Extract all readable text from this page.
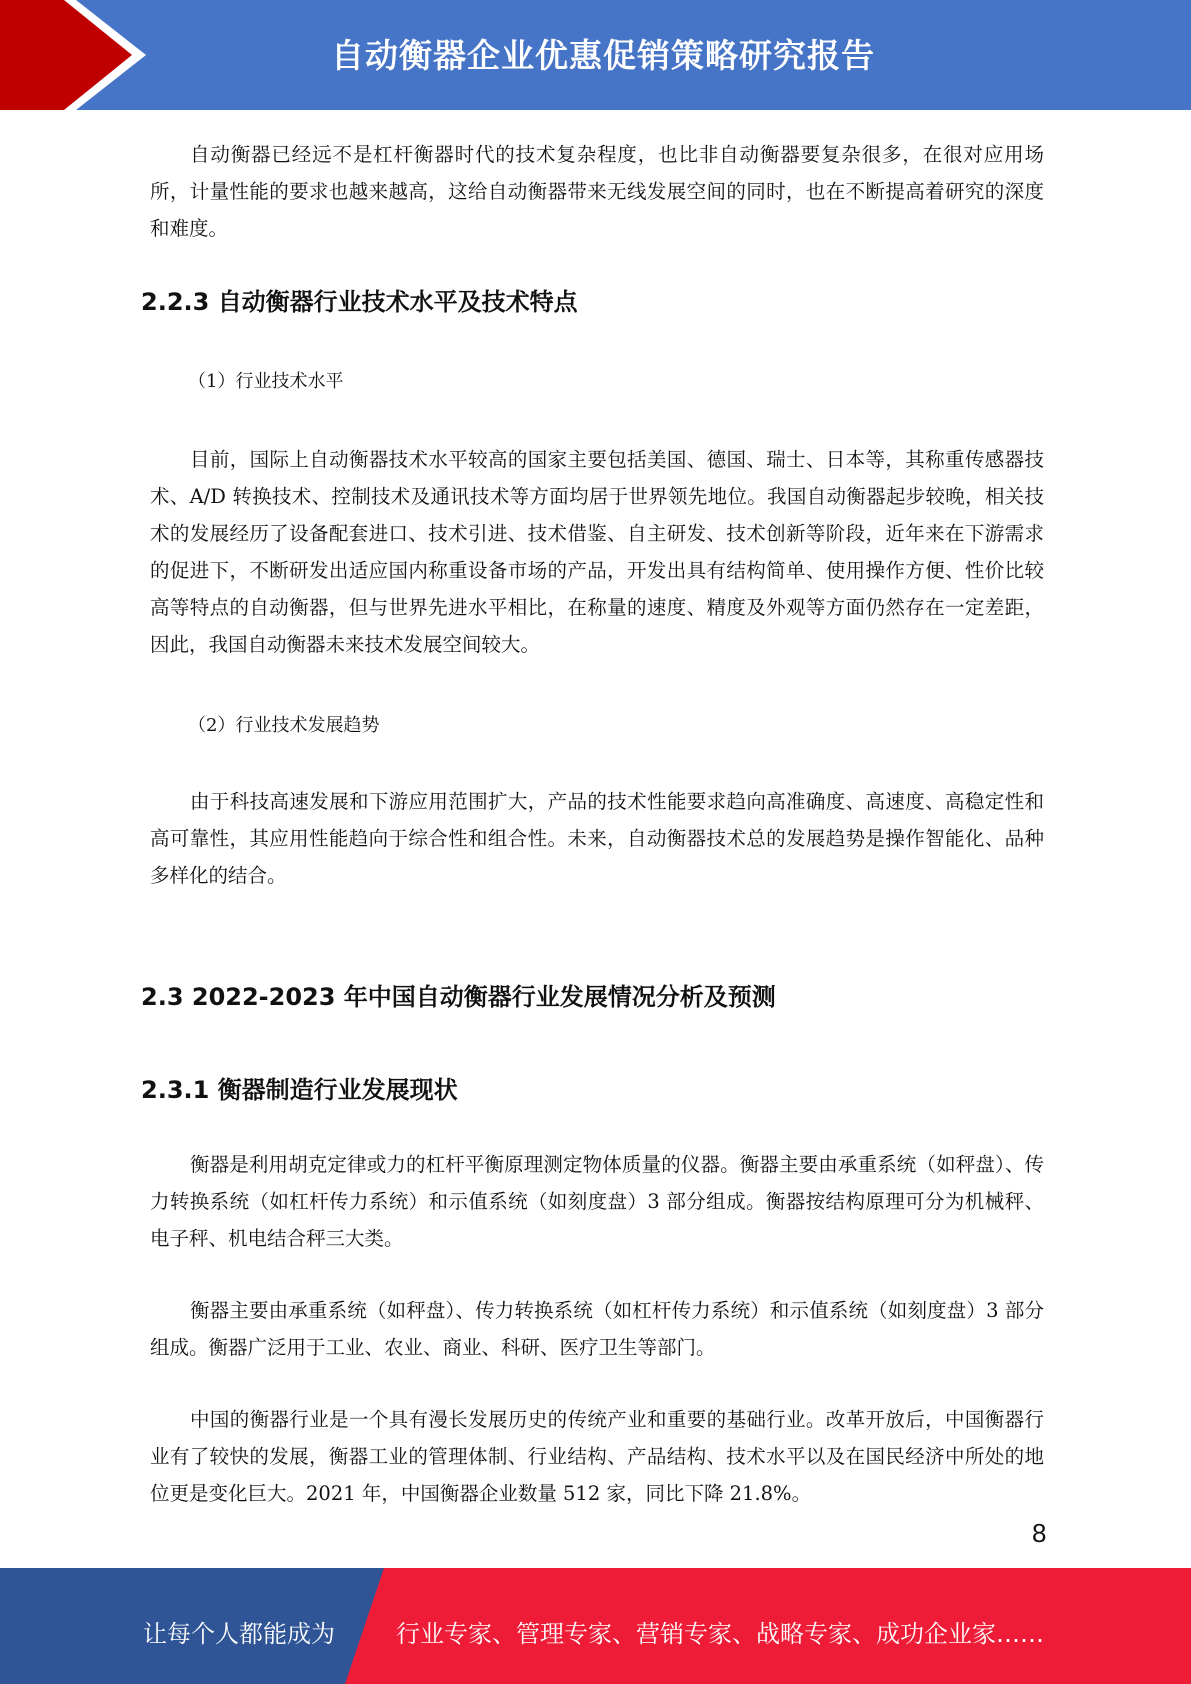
自动衡器企业优惠促销策略研究报告

自动衡器已经远不是杠杆衡器时代的技术复杂程度，也比非自动衡器要复杂很多，在很对应用场所，计量性能的要求也越来越高，这给自动衡器带来无线发展空间的同时，也在不断提高着研究的深度和难度。

2.2.3 自动衡器行业技术水平及技术特点
（1）行业技术水平

目前，国际上自动衡器技术水平较高的国家主要包括美国、德国、瑞士、日本等，其称重传感器技术、A/D 转换技术、控制技术及通讯技术等方面均居于世界领先地位。我国自动衡器起步较晚，相关技术的发展经历了设备配套进口、技术引进、技术借鉴、自主研发、技术创新等阶段，近年来在下游需求的促进下，不断研发出适应国内称重设备市场的产品，开发出具有结构简单、使用操作方便、性价比较高等特点的自动衡器，但与世界先进水平相比，在称量的速度、精度及外观等方面仍然存在一定差距，因此，我国自动衡器未来技术发展空间较大。

（2）行业技术发展趋势

由于科技高速发展和下游应用范围扩大，产品的技术性能要求趋向高准确度、高速度、高稳定性和高可靠性，其应用性能趋向于综合性和组合性。未来，自动衡器技术总的发展趋势是操作智能化、品种多样化的结合。

2.3 2022-2023 年中国自动衡器行业发展情况分析及预测
2.3.1 衡器制造行业发展现状

衡器是利用胡克定律或力的杠杆平衡原理测定物体质量的仪器。衡器主要由承重系统（如秤盘）、传力转换系统（如杠杆传力系统）和示值系统（如刻度盘）3 部分组成。衡器按结构原理可分为机械秤、电子秤、机电结合秤三大类。

衡器主要由承重系统（如秤盘）、传力转换系统（如杠杆传力系统）和示值系统（如刻度盘）3 部分组成。衡器广泛用于工业、农业、商业、科研、医疗卫生等部门。

中国的衡器行业是一个具有漫长发展历史的传统产业和重要的基础行业。改革开放后，中国衡器行业有了较快的发展，衡器工业的管理体制、行业结构、产品结构、技术水平以及在国民经济中所处的地位更是变化巨大。2021 年，中国衡器企业数量 512 家，同比下降 21.8%。

8
让每个人都能成为	行业专家、管理专家、营销专家、战略专家、成功企业家……
